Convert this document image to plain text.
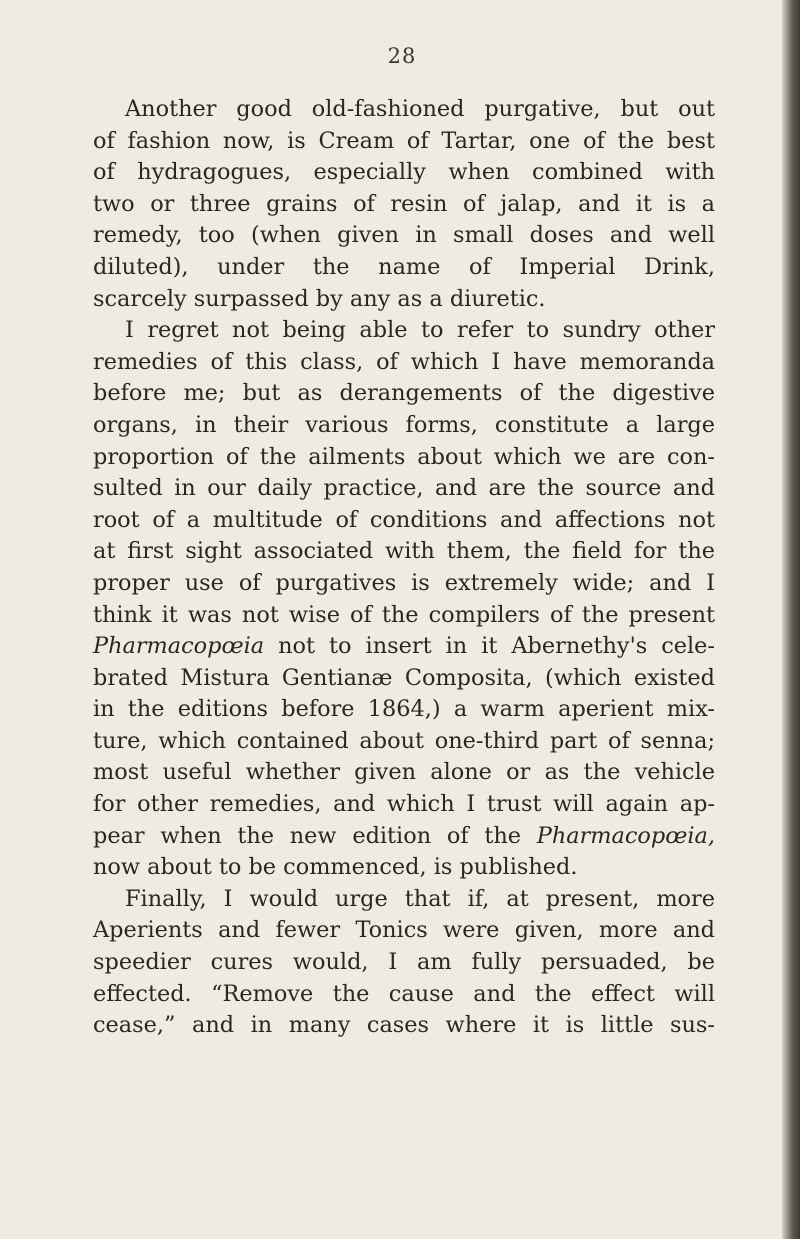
28

Another good old-fashioned purgative, but out
of fashion now, is Cream of Tartar, one of the best
of hydragogues, especially when combined with
two or three grains of resin of jalap, and it is a
remedy, too (when given in small doses and well
diluted), under the name of Imperial Drink,
scarcely surpassed by any as a diuretic.

I regret not being able to refer to sundry other
remedies of this class, of which I have memoranda
before me; but as derangements of the digestive
organs, in their various forms, constitute a large
proportion of the ailments about which we are con-
sulted in our daily practice, and are the source and
root of a multitude of conditions and affections not
at first sight associated with them, the field for the
proper use of purgatives is extremely wide; and I
think it was not wise of the compilers of the present
Pharmacopœia not to insert in it Abernethy's cele-
brated Mistura Gentianæ Composita, (which existed
in the editions before 1864,) a warm aperient mix-
ture, which contained about one-third part of senna;
most useful whether given alone or as the vehicle
for other remedies, and which I trust will again ap-
pear when the new edition of the Pharmacopœia,
now about to be commenced, is published.

Finally, I would urge that if, at present, more
Aperients and fewer Tonics were given, more and
speedier cures would, I am fully persuaded, be
effected. “Remove the cause and the effect will
cease,” and in many cases where it is little sus-
